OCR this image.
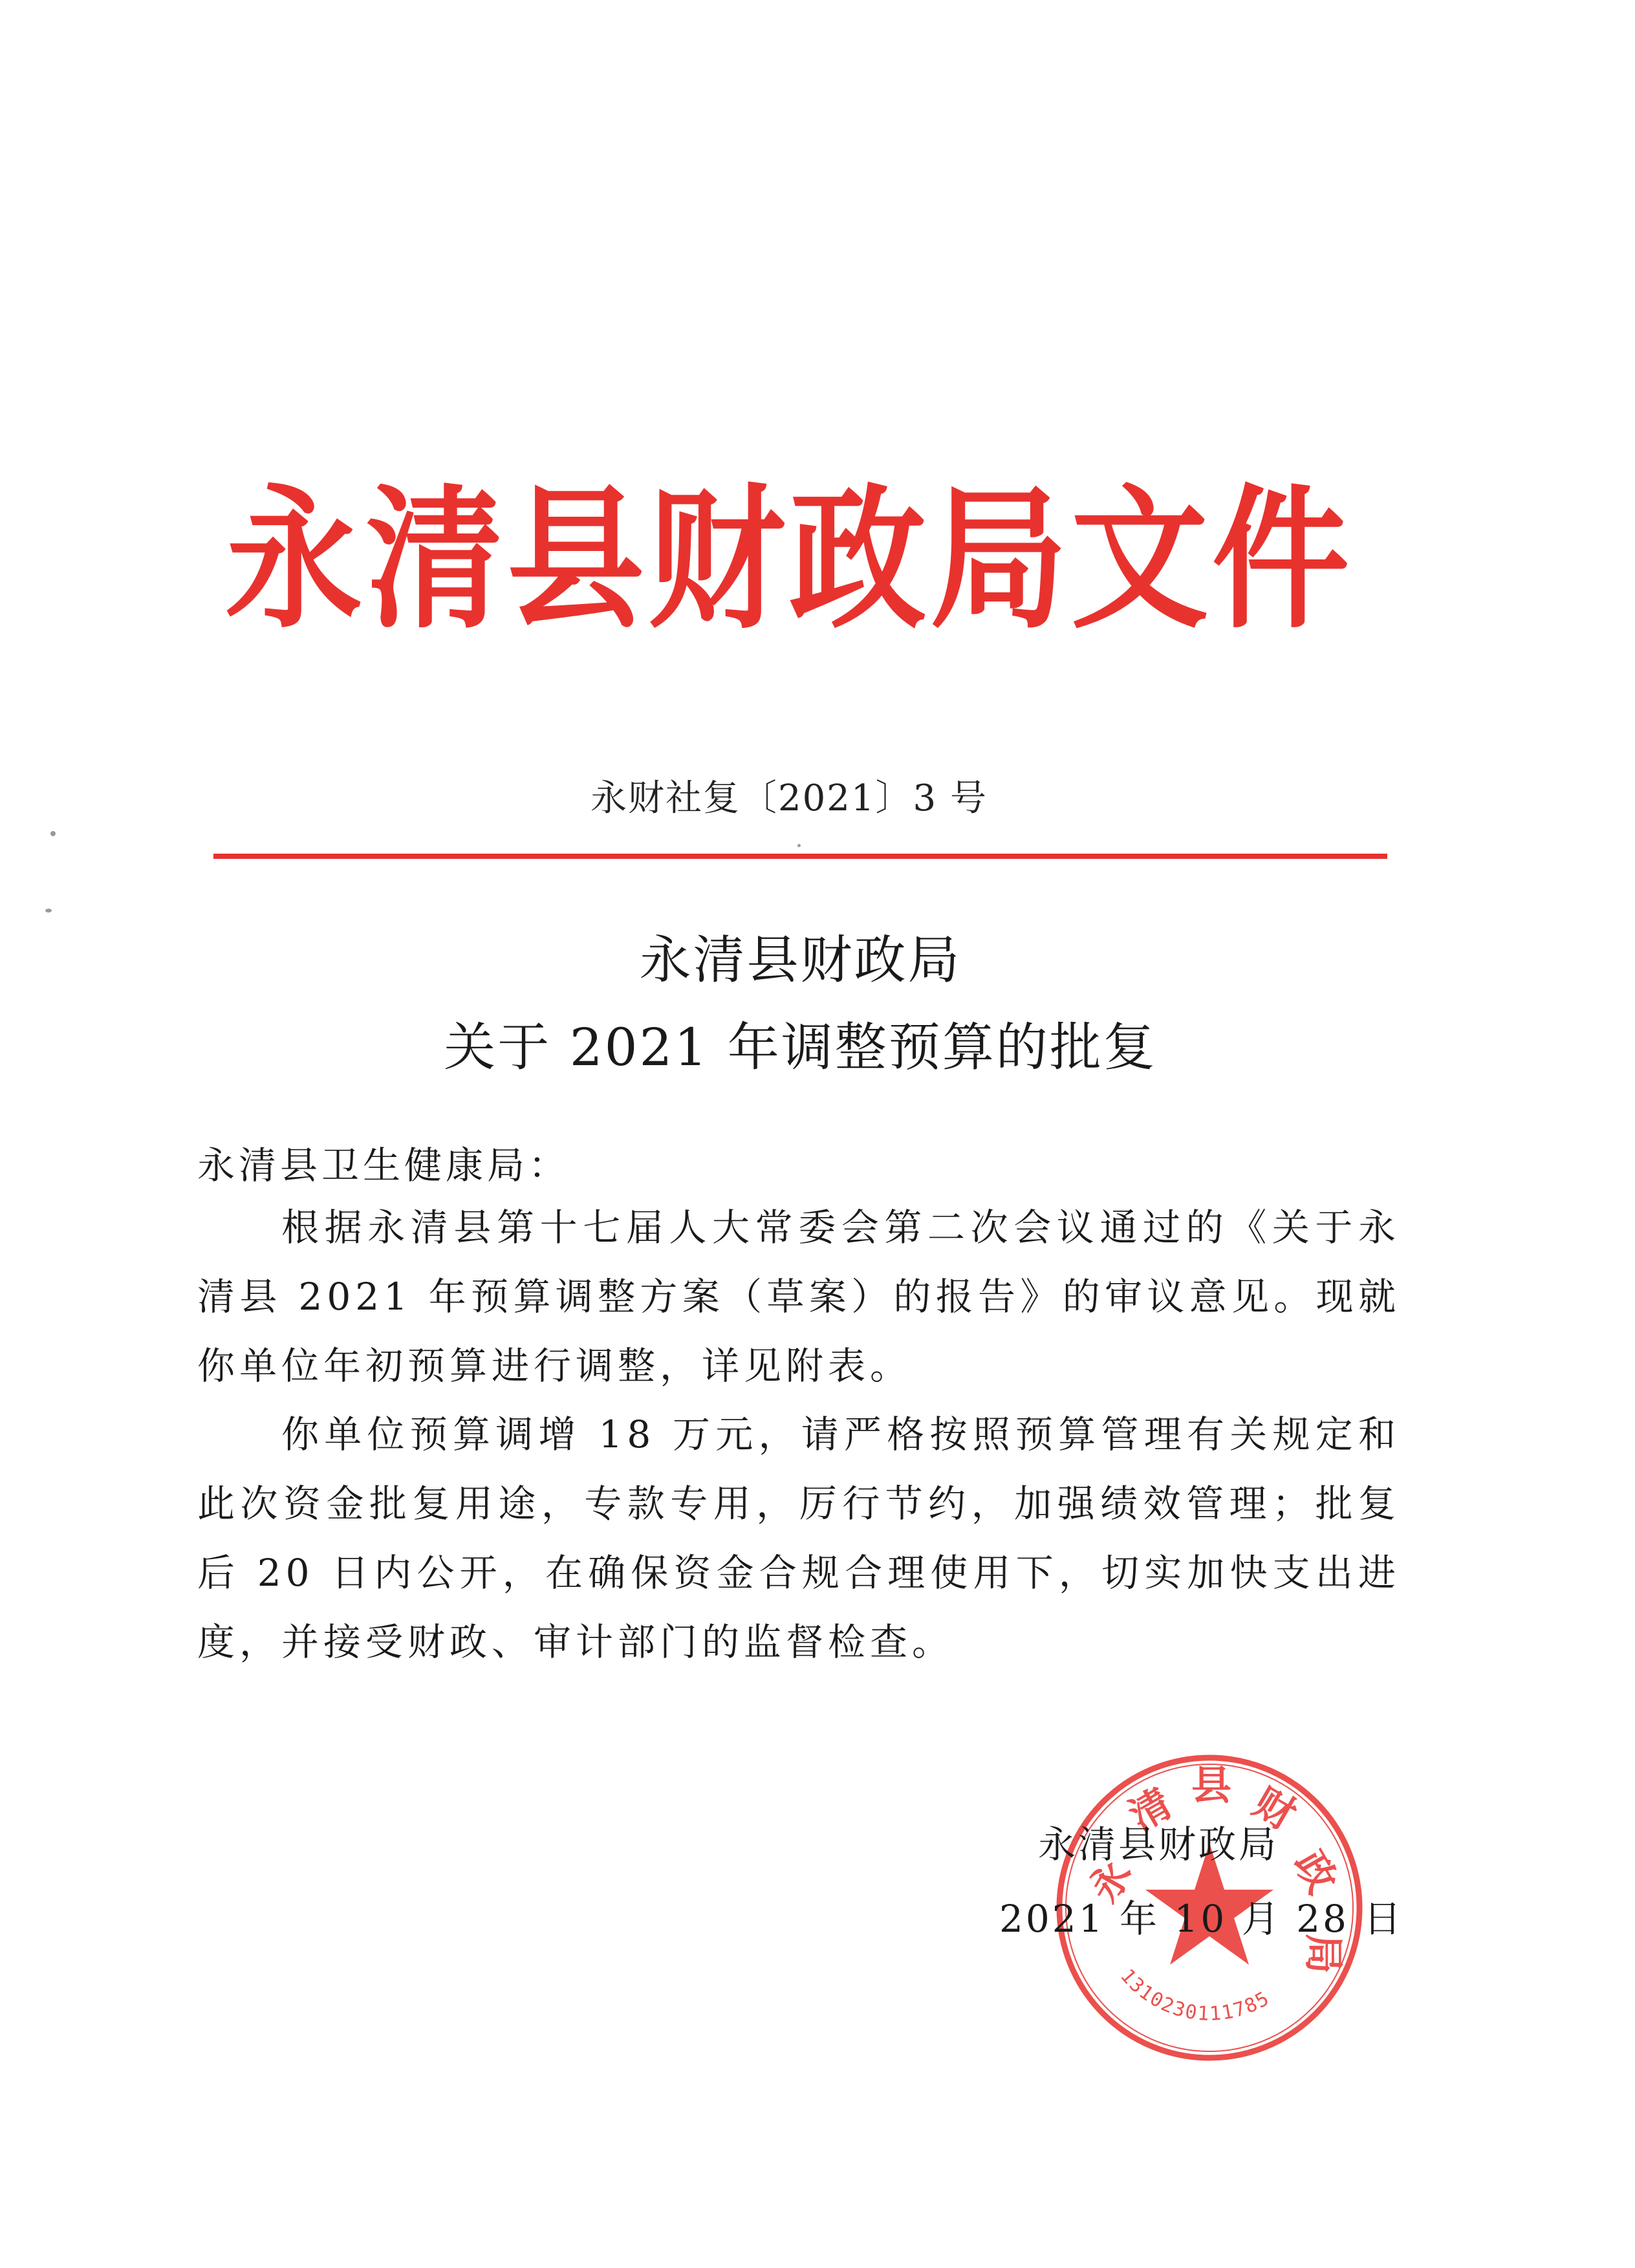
永清县财政局文件
永财社复〔2021〕3 号
永清县财政局
关于 2021 年调整预算的批复
永清县卫生健康局：
根据永清县第十七届人大常委会第二次会议通过的《关于永清县 2021 年预算调整方案（草案）的报告》的审议意见。现就你单位年初预算进行调整，详见附表。
你单位预算调增 18 万元，请严格按照预算管理有关规定和此次资金批复用途，专款专用，厉行节约，加强绩效管理；批复后 20 日内公开，在确保资金合规合理使用下，切实加快支出进度，并接受财政、审计部门的监督检查。
永
清 县 财
政
局
1310230111785
永清县财政局
2021 年 10 月 28 日
